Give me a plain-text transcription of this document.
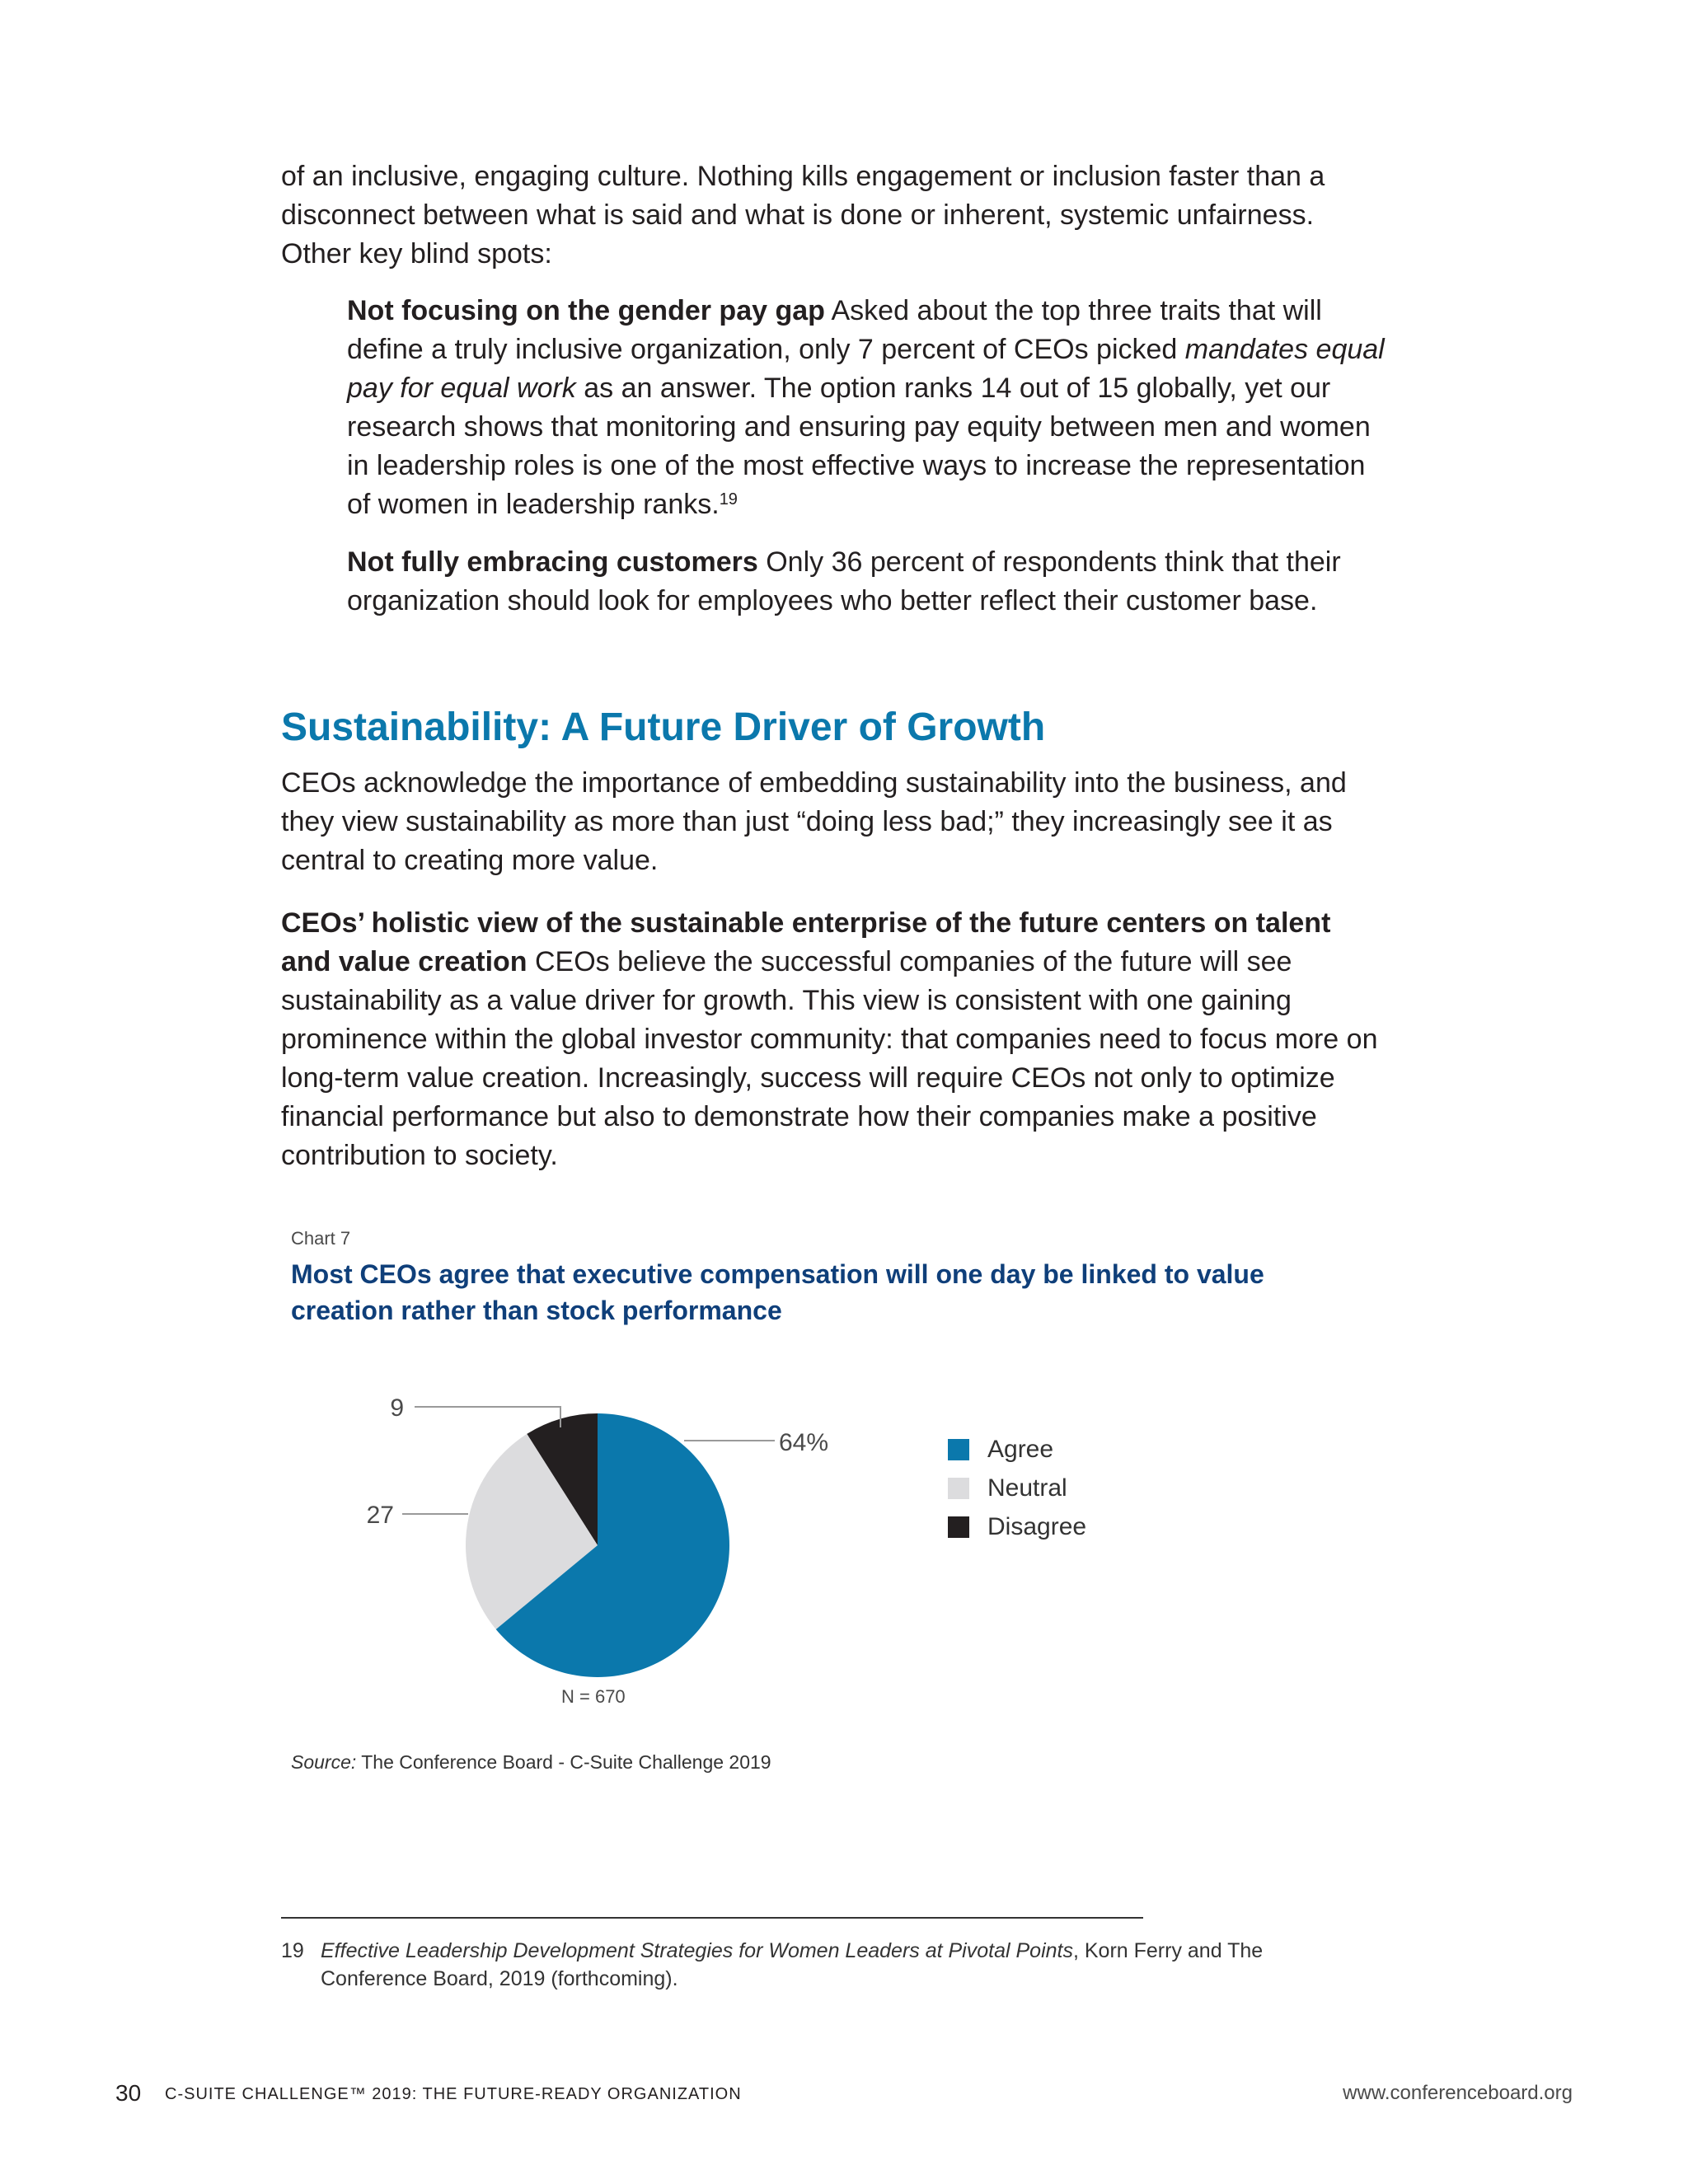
of an inclusive, engaging culture. Nothing kills engagement or inclusion faster than a disconnect between what is said and what is done or inherent, systemic unfairness. Other key blind spots:

Not focusing on the gender pay gap Asked about the top three traits that will define a truly inclusive organization, only 7 percent of CEOs picked mandates equal pay for equal work as an answer. The option ranks 14 out of 15 globally, yet our research shows that monitoring and ensuring pay equity between men and women in leadership roles is one of the most effective ways to increase the representation of women in leadership ranks.$^{19}$

Not fully embracing customers Only 36 percent of respondents think that their organization should look for employees who better reflect their customer base.

Sustainability: A Future Driver of Growth

CEOs acknowledge the importance of embedding sustainability into the business, and they view sustainability as more than just “doing less bad;” they increasingly see it as central to creating more value.

CEOs’ holistic view of the sustainable enterprise of the future centers on talent and value creation CEOs believe the successful companies of the future will see sustainability as a value driver for growth. This view is consistent with one gaining prominence within the global investor community: that companies need to focus more on long-term value creation. Increasingly, success will require CEOs not only to optimize financial performance but also to demonstrate how their companies make a positive contribution to society.

Chart 7
Most CEOs agree that executive compensation will one day be linked to value creation rather than stock performance
64%
27
9
Agree
Neutral
Disagree
N = 670
Source: The Conference Board - C-Suite Challenge 2019
19 Effective Leadership Development Strategies for Women Leaders at Pivotal Points, Korn Ferry and The Conference Board, 2019 (forthcoming).
30 C-SUITE CHALLENGE™ 2019: THE FUTURE-READY ORGANIZATION	www.conferenceboard.org
